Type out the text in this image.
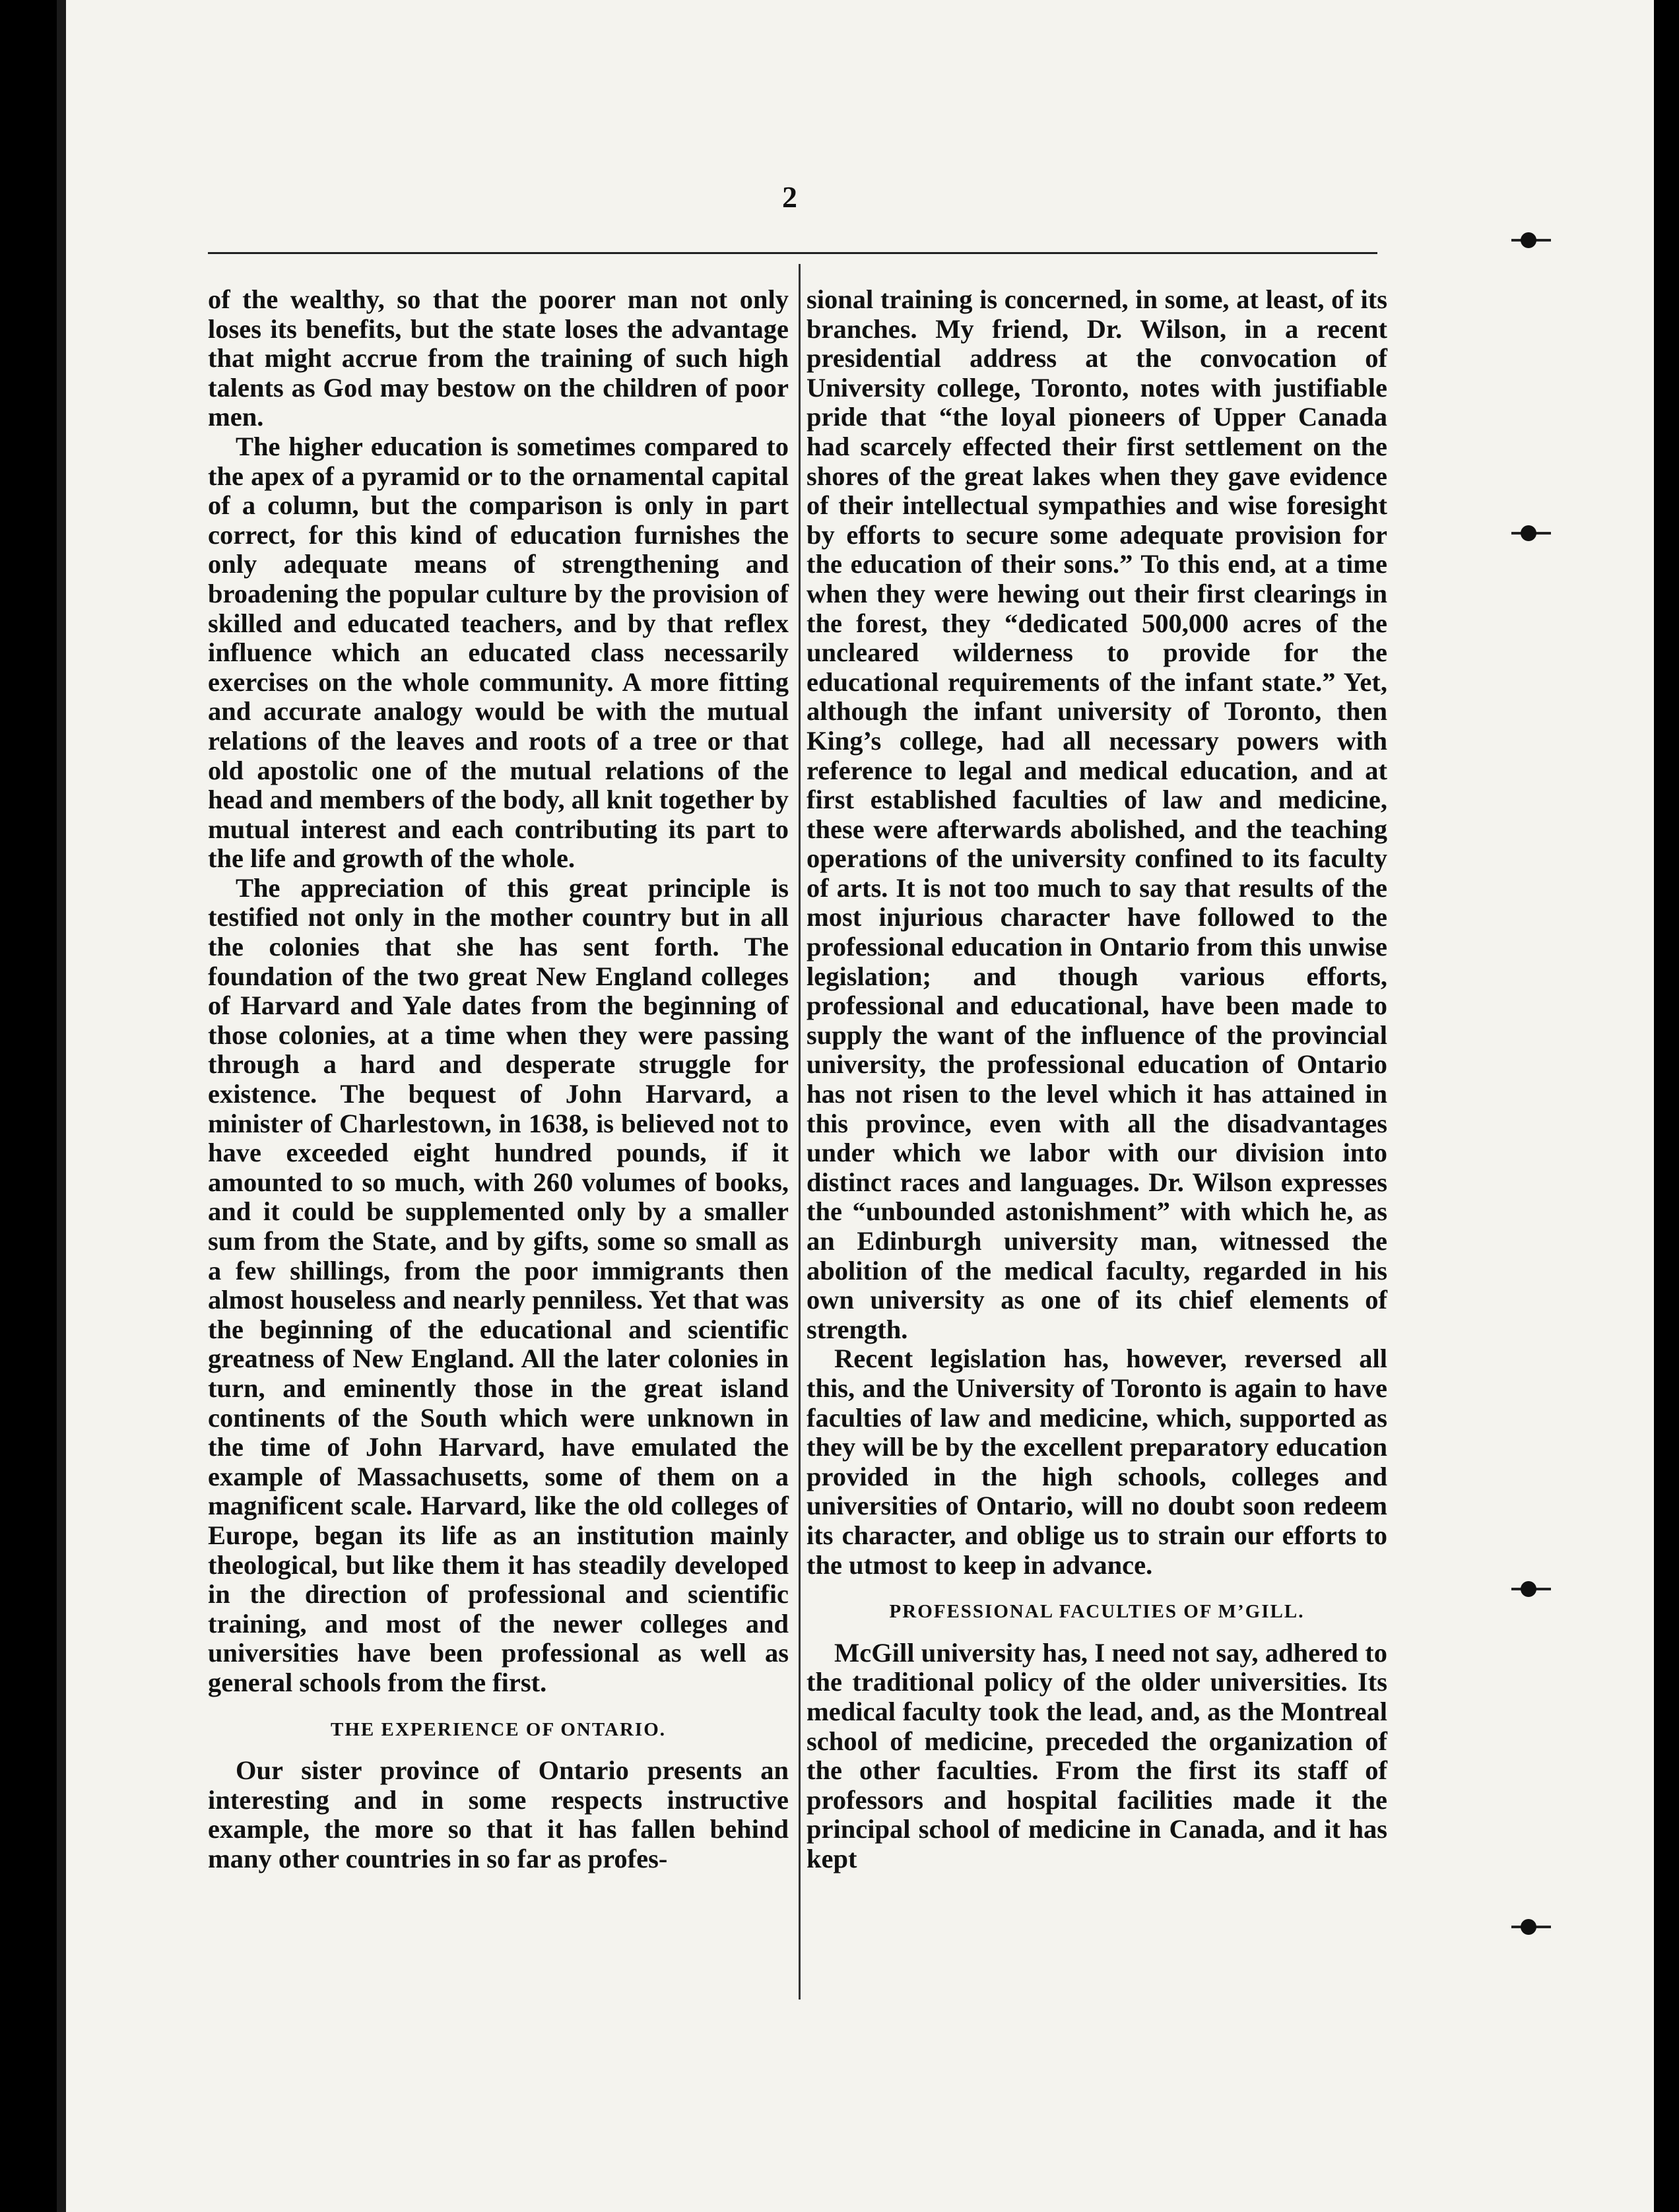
2

of the wealthy, so that the poorer man not only loses its benefits, but the state loses the advantage that might accrue from the training of such high talents as God may bestow on the children of poor men.

The higher education is sometimes compared to the apex of a pyramid or to the ornamental capital of a column, but the comparison is only in part correct, for this kind of education furnishes the only adequate means of strengthening and broadening the popular culture by the provision of skilled and educated teachers, and by that reflex influence which an educated class necessarily exercises on the whole community. A more fitting and accurate analogy would be with the mutual relations of the leaves and roots of a tree or that old apostolic one of the mutual relations of the head and members of the body, all knit together by mutual interest and each contributing its part to the life and growth of the whole.

The appreciation of this great principle is testified not only in the mother country but in all the colonies that she has sent forth. The foundation of the two great New England colleges of Harvard and Yale dates from the beginning of those colonies, at a time when they were passing through a hard and desperate struggle for existence. The bequest of John Harvard, a minister of Charlestown, in 1638, is believed not to have exceeded eight hundred pounds, if it amounted to so much, with 260 volumes of books, and it could be supplemented only by a smaller sum from the State, and by gifts, some so small as a few shillings, from the poor immigrants then almost houseless and nearly penniless. Yet that was the beginning of the educational and scientific greatness of New England. All the later colonies in turn, and eminently those in the great island continents of the South which were unknown in the time of John Harvard, have emulated the example of Massachusetts, some of them on a magnificent scale. Harvard, like the old colleges of Europe, began its life as an institution mainly theological, but like them it has steadily developed in the direction of professional and scientific training, and most of the newer colleges and universities have been professional as well as general schools from the first.

THE EXPERIENCE OF ONTARIO.

Our sister province of Ontario presents an interesting and in some respects instructive example, the more so that it has fallen behind many other countries in so far as profes-

sional training is concerned, in some, at least, of its branches. My friend, Dr. Wilson, in a recent presidential address at the convocation of University college, Toronto, notes with justifiable pride that “the loyal pioneers of Upper Canada had scarcely effected their first settlement on the shores of the great lakes when they gave evidence of their intellectual sympathies and wise foresight by efforts to secure some adequate provision for the education of their sons.” To this end, at a time when they were hewing out their first clearings in the forest, they “dedicated 500,000 acres of the uncleared wilderness to provide for the educational requirements of the infant state.” Yet, although the infant university of Toronto, then King’s college, had all necessary powers with reference to legal and medical education, and at first established faculties of law and medicine, these were afterwards abolished, and the teaching operations of the university confined to its faculty of arts. It is not too much to say that results of the most injurious character have followed to the professional education in Ontario from this unwise legislation; and though various efforts, professional and educational, have been made to supply the want of the influence of the provincial university, the professional education of Ontario has not risen to the level which it has attained in this province, even with all the disadvantages under which we labor with our division into distinct races and languages. Dr. Wilson expresses the “unbounded astonishment” with which he, as an Edinburgh university man, witnessed the abolition of the medical faculty, regarded in his own university as one of its chief elements of strength.

Recent legislation has, however, reversed all this, and the University of Toronto is again to have faculties of law and medicine, which, supported as they will be by the excellent preparatory education provided in the high schools, colleges and universities of Ontario, will no doubt soon redeem its character, and oblige us to strain our efforts to the utmost to keep in advance.

PROFESSIONAL FACULTIES OF M’GILL.

McGill university has, I need not say, adhered to the traditional policy of the older universities. Its medical faculty took the lead, and, as the Montreal school of medicine, preceded the organization of the other faculties. From the first its staff of professors and hospital facilities made it the principal school of medicine in Canada, and it has kept
